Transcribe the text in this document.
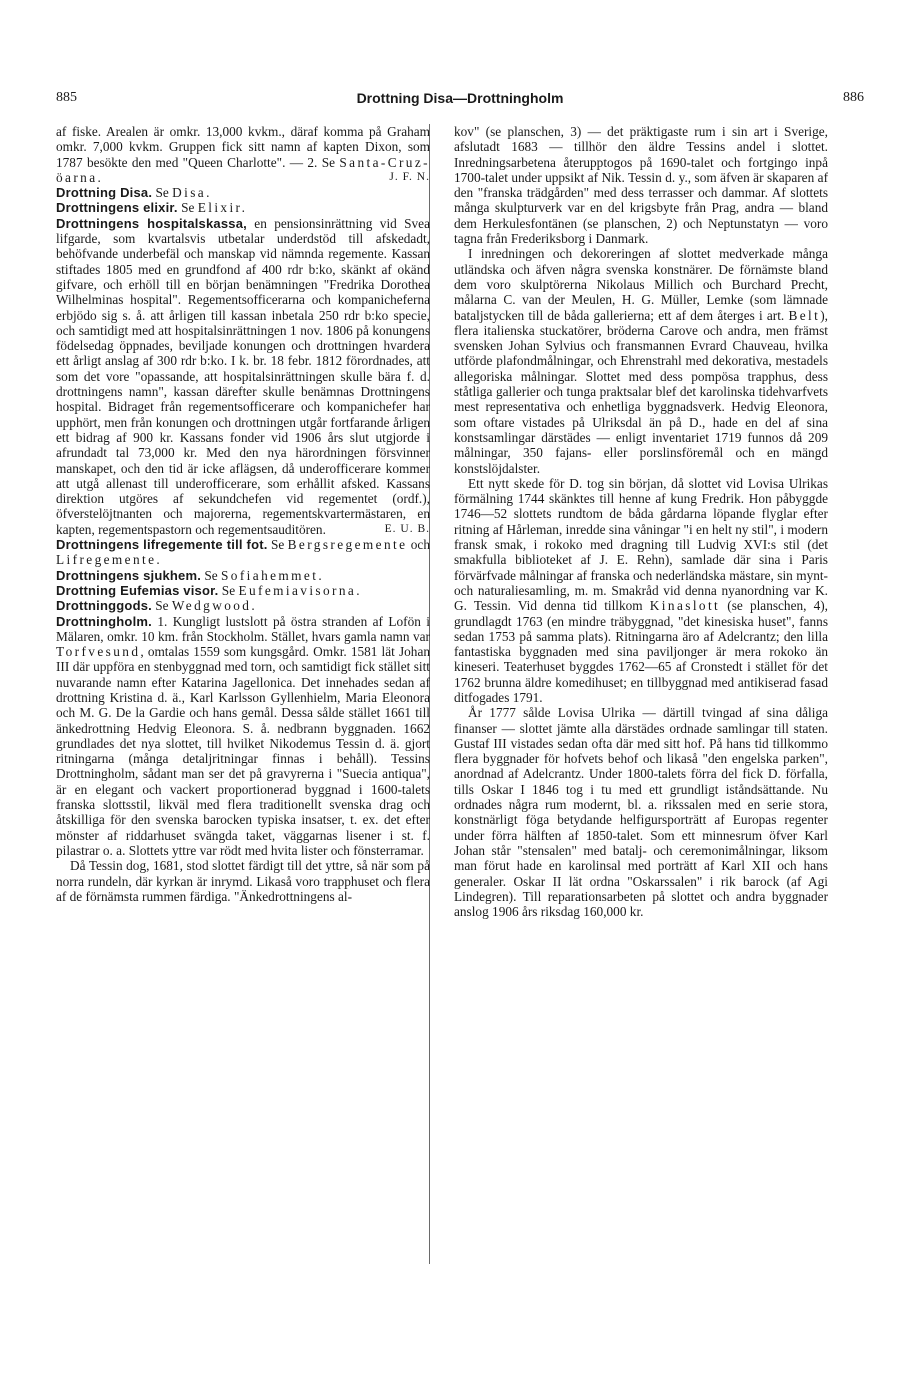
885	Drottning Disa—Drottningholm	886

af fiske. Arealen är omkr. 13,000 kvkm., däraf komma på Graham omkr. 7,000 kvkm. Gruppen fick sitt namn af kapten Dixon, som 1787 besökte den med "Queen Charlotte". — 2. Se Santa-Cruz-öarna.	J. F. N.

Drottning Disa. Se Disa.

Drottningens elixir. Se Elixir.

Drottningens hospitalskassa, en pensionsinrättning vid Svea lifgarde, som kvartalsvis utbetalar underdstöd till afskedadt, behöfvande underbefäl och manskap vid nämnda regemente. Kassan stiftades 1805 med en grundfond af 400 rdr b:ko, skänkt af okänd gifvare, och erhöll till en början benämningen "Fredrika Dorothea Wilhelminas hospital". Regementsofficerarna och kompanicheferna erbjödo sig s. å. att årligen till kassan inbetala 250 rdr b:ko specie, och samtidigt med att hospitalsinrättningen 1 nov. 1806 på konungens födelsedag öppnades, beviljade konungen och drottningen hvardera ett årligt anslag af 300 rdr b:ko. I k. br. 18 febr. 1812 förordnades, att som det vore "opassande, att hospitalsinrättningen skulle bära f. d. drottningens namn", kassan därefter skulle benämnas Drottningens hospital. Bidraget från regementsofficerare och kompanichefer har upphört, men från konungen och drottningen utgår fortfarande årligen ett bidrag af 900 kr. Kassans fonder vid 1906 års slut utgjorde i afrundadt tal 73,000 kr. Med den nya härordningen försvinner manskapet, och den tid är icke aflägsen, då underofficerare kommer att utgå allenast till underofficerare, som erhållit afsked. Kassans direktion utgöres af sekundchefen vid regementet (ordf.), öfverstelöjtnanten och majorerna, regementskvartermästaren, en kapten, regementspastorn och regementsauditören.	E. U. B.

Drottningens lifregemente till fot. Se Bergsregemente och Lifregemente.

Drottningens sjukhem. Se Sofiahemmet.

Drottning Eufemias visor. Se Eufemiavisorna.

Drottninggods. Se Wedgwood.

Drottningholm. 1. Kungligt lustslott på östra stranden af Lofön i Mälaren, omkr. 10 km. från Stockholm. Stället, hvars gamla namn var Torfvesund, omtalas 1559 som kungsgård. Omkr. 1581 lät Johan III där uppföra en stenbyggnad med torn, och samtidigt fick stället sitt nuvarande namn efter Katarina Jagellonica. Det innehades sedan af drottning Kristina d. ä., Karl Karlsson Gyllenhielm, Maria Eleonora och M. G. De la Gardie och hans gemål. Dessa sålde stället 1661 till änkedrottning Hedvig Eleonora. S. å. nedbrann byggnaden. 1662 grundlades det nya slottet, till hvilket Nikodemus Tessin d. ä. gjort ritningarna (många detaljritningar finnas i behåll). Tessins Drottningholm, sådant man ser det på gravyrerna i "Suecia antiqua", är en elegant och vackert proportionerad byggnad i 1600-talets franska slottsstil, likväl med flera traditionellt svenska drag och åtskilliga för den svenska barocken typiska insatser, t. ex. det efter mönster af riddarhuset svängda taket, väggarnas lisener i st. f. pilastrar o. a. Slottets yttre var rödt med hvita lister och fönsterramar.

Då Tessin dog, 1681, stod slottet färdigt till det yttre, så när som på norra rundeln, där kyrkan är inrymd. Likaså voro trapphuset och flera af de förnämsta rummen färdiga. "Änkedrottningens al-

kov" (se planschen, 3) — det präktigaste rum i sin art i Sverige, afslutadt 1683 — tillhör den äldre Tessins andel i slottet. Inredningsarbetena återupptogos på 1690-talet och fortgingo inpå 1700-talet under uppsikt af Nik. Tessin d. y., som äfven är skaparen af den "franska trädgården" med dess terrasser och dammar. Af slottets många skulpturverk var en del krigsbyte från Prag, andra — bland dem Herkulesfontänen (se planschen, 2) och Neptunstatyn — voro tagna från Frederiksborg i Danmark.

I inredningen och dekoreringen af slottet medverkade många utländska och äfven några svenska konstnärer. De förnämste bland dem voro skulptörerna Nikolaus Millich och Burchard Precht, målarna C. van der Meulen, H. G. Müller, Lemke (som lämnade bataljstycken till de båda gallerierna; ett af dem återges i art. Belt), flera italienska stuckatörer, bröderna Carove och andra, men främst svensken Johan Sylvius och fransmannen Evrard Chauveau, hvilka utförde plafondmålningar, och Ehrenstrahl med dekorativa, mestadels allegoriska målningar. Slottet med dess pompösa trapphus, dess ståtliga gallerier och tunga praktsalar blef det karolinska tidehvarfvets mest representativa och enhetliga byggnadsverk. Hedvig Eleonora, som oftare vistades på Ulriksdal än på D., hade en del af sina konstsamlingar därstädes — enligt inventariet 1719 funnos då 209 målningar, 350 fajans- eller porslinsföremål och en mängd konstslöjdalster.

Ett nytt skede för D. tog sin början, då slottet vid Lovisa Ulrikas förmälning 1744 skänktes till henne af kung Fredrik. Hon påbyggde 1746—52 slottets rundtom de båda gårdarna löpande flyglar efter ritning af Hårleman, inredde sina våningar "i en helt ny stil", i modern fransk smak, i rokoko med dragning till Ludvig XVI:s stil (det smakfulla biblioteket af J. E. Rehn), samlade där sina i Paris förvärfvade målningar af franska och nederländska mästare, sin mynt- och naturaliesamling, m. m. Smakråd vid denna nyanordning var K. G. Tessin. Vid denna tid tillkom Kinaslott (se planschen, 4), grundlagdt 1763 (en mindre träbyggnad, "det kinesiska huset", fanns sedan 1753 på samma plats). Ritningarna äro af Adelcrantz; den lilla fantastiska byggnaden med sina paviljonger är mera rokoko än kineseri. Teaterhuset byggdes 1762—65 af Cronstedt i stället för det 1762 brunna äldre komedihuset; en tillbyggnad med antikiserad fasad ditfogades 1791.

År 1777 sålde Lovisa Ulrika — därtill tvingad af sina dåliga finanser — slottet jämte alla därstädes ordnade samlingar till staten. Gustaf III vistades sedan ofta där med sitt hof. På hans tid tillkommo flera byggnader för hofvets behof och likaså "den engelska parken", anordnad af Adelcrantz. Under 1800-talets förra del fick D. förfalla, tills Oskar I 1846 tog i tu med ett grundligt iståndsättande. Nu ordnades några rum modernt, bl. a. rikssalen med en serie stora, konstnärligt föga betydande helfigursporträtt af Europas regenter under förra hälften af 1850-talet. Som ett minnesrum öfver Karl Johan står "stensalen" med batalj- och ceremonimålningar, liksom man förut hade en karolinsal med porträtt af Karl XII och hans generaler. Oskar II lät ordna "Oskarssalen" i rik barock (af Agi Lindegren). Till reparationsarbeten på slottet och andra byggnader anslog 1906 års riksdag 160,000 kr.
